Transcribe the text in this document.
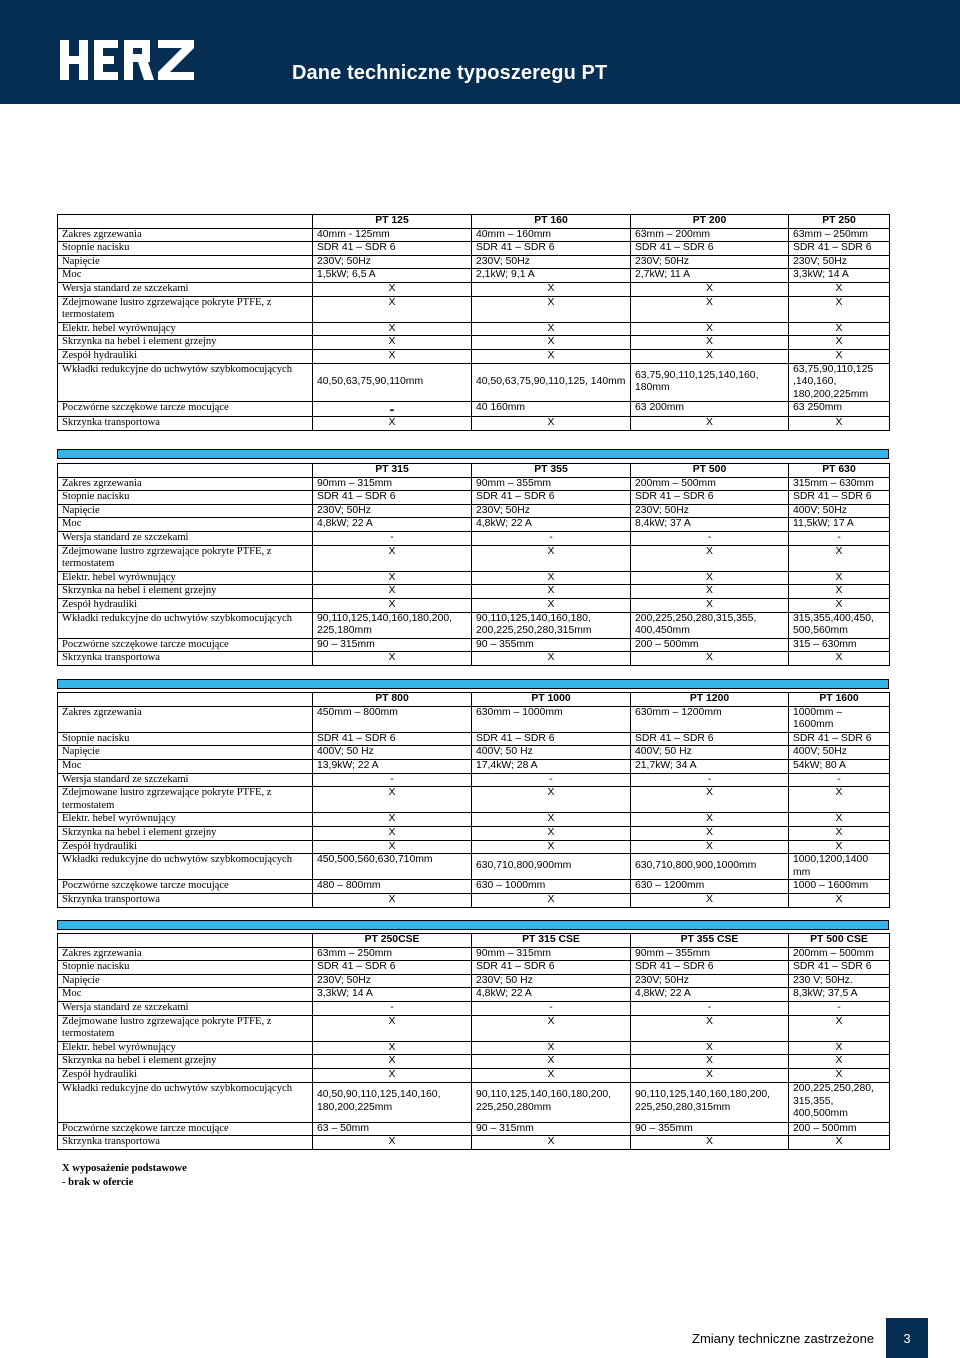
Dane techniczne typoszeregu PT
	PT 125	PT 160	PT 200	PT 250
Zakres zgrzewania	40mm - 125mm	40mm – 160mm	63mm – 200mm	63mm – 250mm
Stopnie nacisku	SDR 41 – SDR 6	SDR 41 – SDR 6	SDR 41 – SDR 6	SDR 41 – SDR 6
Napięcie	230V; 50Hz	230V; 50Hz	230V; 50Hz	230V; 50Hz
Moc	1,5kW; 6,5 A	2,1kW; 9,1 A	2,7kW; 11 A	3,3kW; 14 A
Wersja standard ze szczekami	X	X	X	X
Zdejmowane lustro zgrzewające pokryte PTFE, z termostatem	X	X	X	X
Elektr. hebel wyrównujący	X	X	X	X
Skrzynka na hebel i element grzejny	X	X	X	X
Zespół hydrauliki	X	X	X	X
Wkładki redukcyjne do uchwytów szybkomocujących	40,50,63,75,90,110mm	40,50,63,75,90,110,125, 140mm	63,75,90,110,125,140,160, 180mm	63,75,90,110,125 ,140,160, 180,200,225mm
Poczwórne szczękowe tarcze mocujące	-	40 160mm	63 200mm	63 250mm
Skrzynka transportowa	X	X	X	X
	PT 315	PT 355	PT 500	PT 630
Zakres zgrzewania	90mm – 315mm	90mm – 355mm	200mm – 500mm	315mm – 630mm
Stopnie nacisku	SDR 41 – SDR 6	SDR 41 – SDR 6	SDR 41 – SDR 6	SDR 41 – SDR 6
Napięcie	230V; 50Hz	230V; 50Hz	230V; 50Hz	400V; 50Hz
Moc	4,8kW; 22 A	4,8kW; 22 A	8,4kW; 37 A	11,5kW; 17 A
Wersja standard ze szczekami	-	-	-	-
Zdejmowane lustro zgrzewające pokryte PTFE, z termostatem	X	X	X	X
Elektr. hebel wyrównujący	X	X	X	X
Skrzynka na hebel i element grzejny	X	X	X	X
Zespół hydrauliki	X	X	X	X
Wkładki redukcyjne do uchwytów szybkomocujących	90,110,125,140,160,180,200, 225,180mm	90,110,125,140,160,180, 200,225,250,280,315mm	200,225,250,280,315,355, 400,450mm	315,355,400,450, 500,560mm
Poczwórne szczękowe tarcze mocujące	90 – 315mm	90 – 355mm	200 – 500mm	315 – 630mm
Skrzynka transportowa	X	X	X	X
	PT 800	PT 1000	PT 1200	PT 1600
Zakres zgrzewania	450mm – 800mm	630mm – 1000mm	630mm – 1200mm	1000mm – 1600mm
Stopnie nacisku	SDR 41 – SDR 6	SDR 41 – SDR 6	SDR 41 – SDR 6	SDR 41 – SDR 6
Napięcie	400V; 50 Hz	400V; 50 Hz	400V; 50 Hz	400V; 50Hz
Moc	13,9kW; 22 A	17,4kW; 28 A	21,7kW; 34 A	54kW; 80 A
Wersja standard ze szczekami	-	-	-	-
Zdejmowane lustro zgrzewające pokryte PTFE, z termostatem	X	X	X	X
Elektr. hebel wyrównujący	X	X	X	X
Skrzynka na hebel i element grzejny	X	X	X	X
Zespół hydrauliki	X	X	X	X
Wkładki redukcyjne do uchwytów szybkomocujących	450,500,560,630,710mm	630,710,800,900mm	630,710,800,900,1000mm	1000,1200,1400 mm
Poczwórne szczękowe tarcze mocujące	480 – 800mm	630 – 1000mm	630 – 1200mm	1000 – 1600mm
Skrzynka transportowa	X	X	X	X
	PT 250CSE	PT 315 CSE	PT 355 CSE	PT 500 CSE
Zakres zgrzewania	63mm – 250mm	90mm – 315mm	90mm – 355mm	200mm – 500mm
Stopnie nacisku	SDR 41 – SDR 6	SDR 41 – SDR 6	SDR 41 – SDR 6	SDR 41 – SDR 6
Napięcie	230V; 50Hz	230V; 50 Hz	230V; 50Hz	230 V; 50Hz.
Moc	3,3kW; 14 A	4,8kW; 22 A	4,8kW; 22 A	8,3kW; 37,5 A
Wersja standard ze szczekami	-	-	-	-
Zdejmowane lustro zgrzewające pokryte PTFE, z termostatem	X	X	X	X
Elektr. hebel wyrównujący	X	X	X	X
Skrzynka na hebel i element grzejny	X	X	X	X
Zespół hydrauliki	X	X	X	X
Wkładki redukcyjne do uchwytów szybkomocujących	40,50,90,110,125,140,160, 180,200,225mm	90,110,125,140,160,180,200, 225,250,280mm	90,110,125,140,160,180,200, 225,250,280,315mm	200,225,250,280, 315,355, 400,500mm
Poczwórne szczękowe tarcze mocujące	63 – 50mm	90 – 315mm	90 – 355mm	200 – 500mm
Skrzynka transportowa	X	X	X	X
X wyposażenie podstawowe
- brak w ofercie
Zmiany techniczne zastrzeżone	3
